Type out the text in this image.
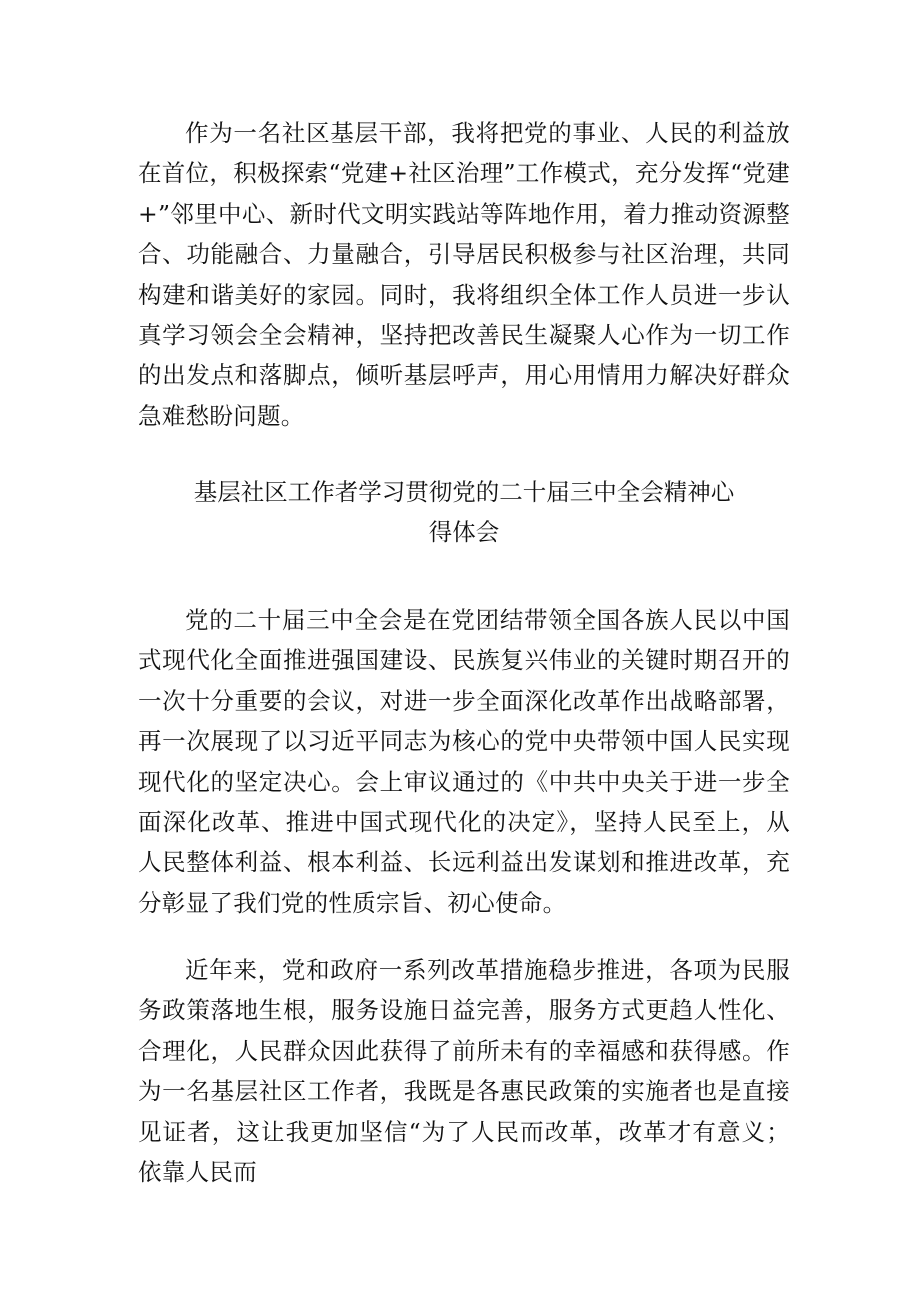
作为一名社区基层干部，我将把党的事业、人民的利益放在首位，积极探索“党建+社区治理”工作模式，充分发挥“党建+”邻里中心、新时代文明实践站等阵地作用，着力推动资源整合、功能融合、力量融合，引导居民积极参与社区治理，共同构建和谐美好的家园。同时，我将组织全体工作人员进一步认真学习领会全会精神，坚持把改善民生凝聚人心作为一切工作的出发点和落脚点，倾听基层呼声，用心用情用力解决好群众急难愁盼问题。

基层社区工作者学习贯彻党的二十届三中全会精神心
得体会

党的二十届三中全会是在党团结带领全国各族人民以中国式现代化全面推进强国建设、民族复兴伟业的关键时期召开的一次十分重要的会议，对进一步全面深化改革作出战略部署，再一次展现了以习近平同志为核心的党中央带领中国人民实现现代化的坚定决心。会上审议通过的《中共中央关于进一步全面深化改革、推进中国式现代化的决定》，坚持人民至上，从人民整体利益、根本利益、长远利益出发谋划和推进改革，充分彰显了我们党的性质宗旨、初心使命。

近年来，党和政府一系列改革措施稳步推进，各项为民服务政策落地生根，服务设施日益完善，服务方式更趋人性化、合理化，人民群众因此获得了前所未有的幸福感和获得感。作为一名基层社区工作者，我既是各惠民政策的实施者也是直接见证者，这让我更加坚信“为了人民而改革，改革才有意义；依靠人民而
